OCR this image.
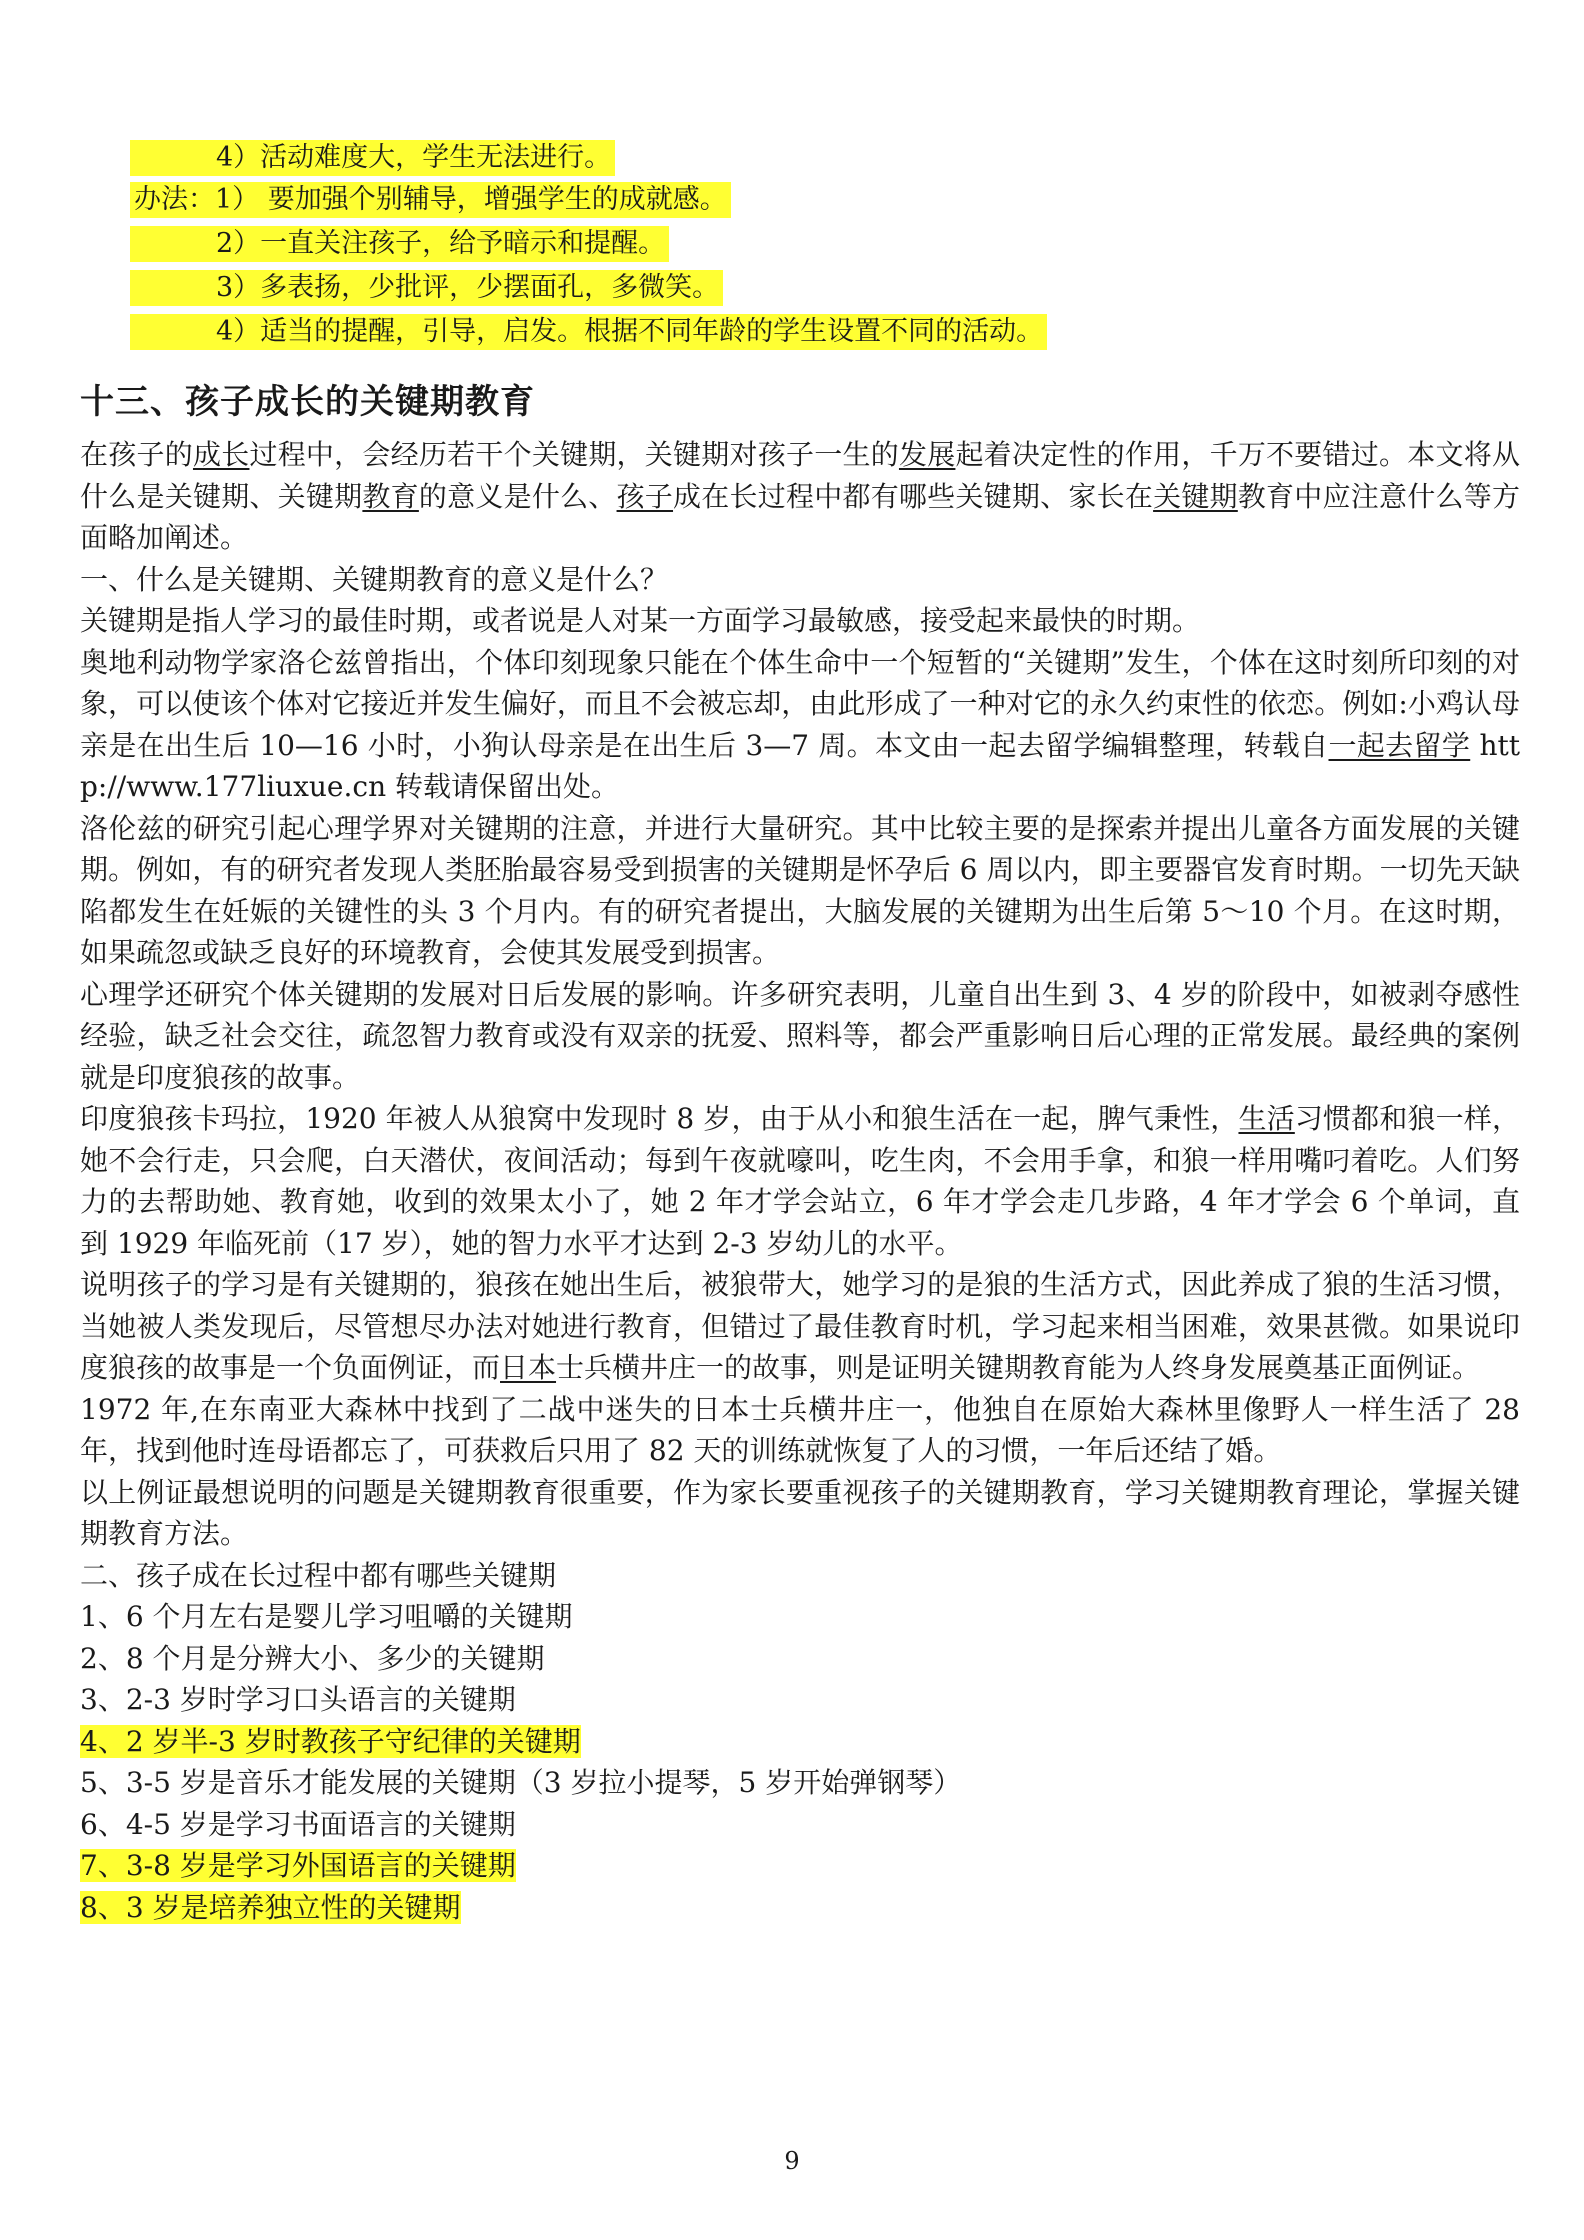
4）活动难度大，学生无法进行。
办法：1） 要加强个别辅导，增强学生的成就感。
2）一直关注孩子，给予暗示和提醒。
3）多表扬，少批评，少摆面孔，多微笑。
4）适当的提醒，引导，启发。根据不同年龄的学生设置不同的活动。
十三、孩子成长的关键期教育

在孩子的成长过程中，会经历若干个关键期，关键期对孩子一生的发展起着决定性的作用，千万不要错过。本文将从什么是关键期、关键期教育的意义是什么、孩子成在长过程中都有哪些关键期、家长在关键期教育中应注意什么等方面略加阐述。

一、什么是关键期、关键期教育的意义是什么？

关键期是指人学习的最佳时期，或者说是人对某一方面学习最敏感，接受起来最快的时期。

奥地利动物学家洛仑兹曾指出，个体印刻现象只能在个体生命中一个短暂的“关键期”发生，个体在这时刻所印刻的对象，可以使该个体对它接近并发生偏好，而且不会被忘却，由此形成了一种对它的永久约束性的依恋。例如:小鸡认母亲是在出生后 10—16 小时，小狗认母亲是在出生后 3—7 周。本文由一起去留学编辑整理，转载自一起去留学 http://www.177liuxue.cn 转载请保留出处。

洛伦兹的研究引起心理学界对关键期的注意，并进行大量研究。其中比较主要的是探索并提出儿童各方面发展的关键期。例如，有的研究者发现人类胚胎最容易受到损害的关键期是怀孕后 6 周以内，即主要器官发育时期。一切先天缺陷都发生在妊娠的关键性的头 3 个月内。有的研究者提出，大脑发展的关键期为出生后第 5～10 个月。在这时期，如果疏忽或缺乏良好的环境教育，会使其发展受到损害。

心理学还研究个体关键期的发展对日后发展的影响。许多研究表明，儿童自出生到 3、4 岁的阶段中，如被剥夺感性经验，缺乏社会交往，疏忽智力教育或没有双亲的抚爱、照料等，都会严重影响日后心理的正常发展。最经典的案例就是印度狼孩的故事。

印度狼孩卡玛拉，1920 年被人从狼窝中发现时 8 岁，由于从小和狼生活在一起，脾气秉性，生活习惯都和狼一样，她不会行走，只会爬，白天潜伏，夜间活动；每到午夜就嚎叫，吃生肉，不会用手拿，和狼一样用嘴叼着吃。人们努力的去帮助她、教育她，收到的效果太小了，她 2 年才学会站立，6 年才学会走几步路，4 年才学会 6 个单词，直到 1929 年临死前（17 岁），她的智力水平才达到 2-3 岁幼儿的水平。

说明孩子的学习是有关键期的，狼孩在她出生后，被狼带大，她学习的是狼的生活方式，因此养成了狼的生活习惯，当她被人类发现后，尽管想尽办法对她进行教育，但错过了最佳教育时机，学习起来相当困难，效果甚微。如果说印度狼孩的故事是一个负面例证，而日本士兵横井庄一的故事，则是证明关键期教育能为人终身发展奠基正面例证。

1972 年,在东南亚大森林中找到了二战中迷失的日本士兵横井庄一，他独自在原始大森林里像野人一样生活了 28 年，找到他时连母语都忘了，可获救后只用了 82 天的训练就恢复了人的习惯，一年后还结了婚。

以上例证最想说明的问题是关键期教育很重要，作为家长要重视孩子的关键期教育，学习关键期教育理论，掌握关键期教育方法。

二、孩子成在长过程中都有哪些关键期

1、6 个月左右是婴儿学习咀嚼的关键期

2、8 个月是分辨大小、多少的关键期

3、2-3 岁时学习口头语言的关键期

4、2 岁半-3 岁时教孩子守纪律的关键期

5、3-5 岁是音乐才能发展的关键期（3 岁拉小提琴，5 岁开始弹钢琴）

6、4-5 岁是学习书面语言的关键期

7、3-8 岁是学习外国语言的关键期

8、3 岁是培养独立性的关键期

9
